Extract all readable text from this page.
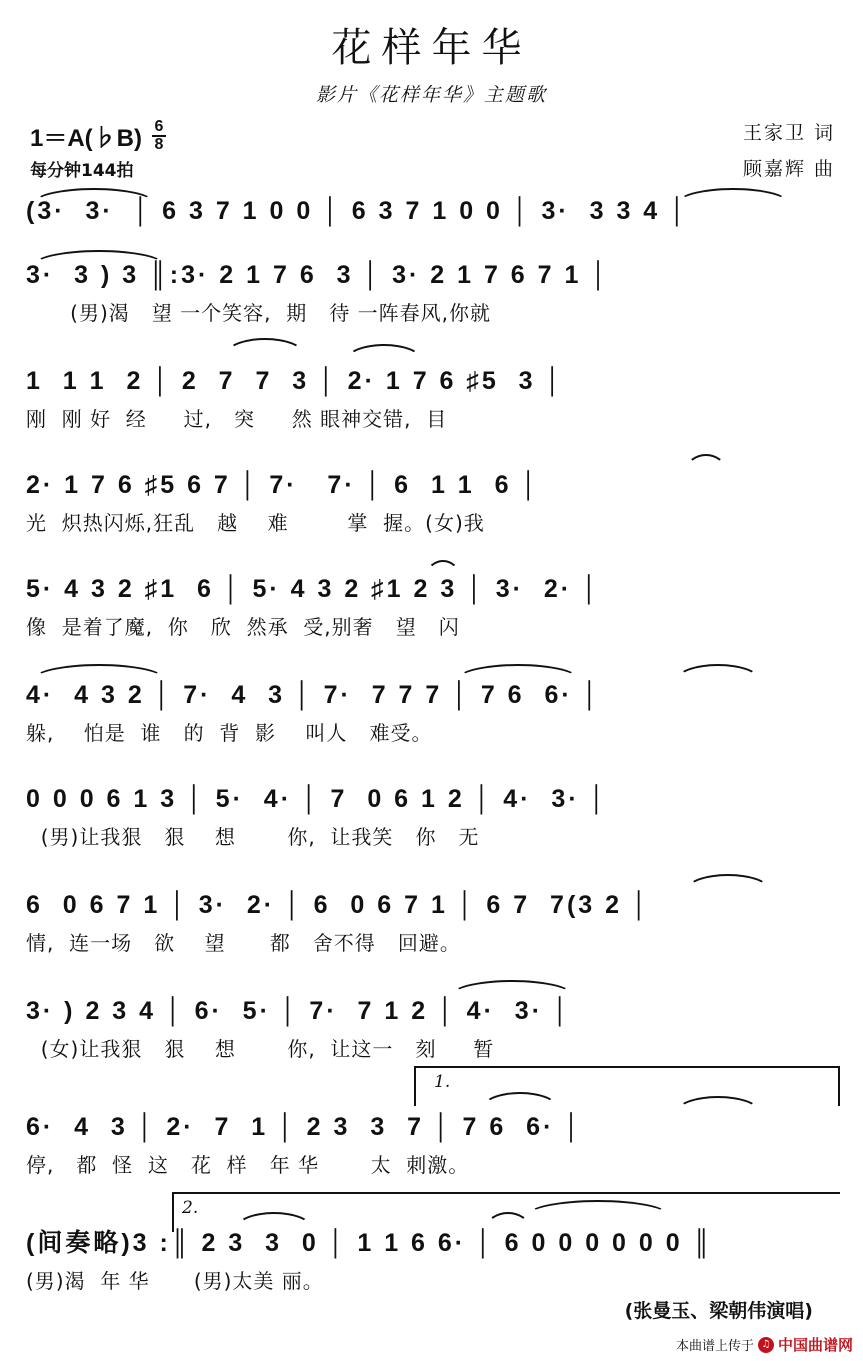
花样年华
影片《花样年华》主题歌
1＝A(♭B) 6
8
每分钟144拍
王家卫 词
顾嘉辉 曲
(3·  3·  │ 6 3 7 1 0 0 │ 6 3 7 1 0 0 │ 3·  3 3 4 │
3·  3 ) 3 ║:3· 2 1 7 6  3 │ 3· 2 1 7 6 7 1 │
(男)渴   望 一个笑容,  期   待 一阵春风,你就
1  1 1  2 │ 2  7  7  3 │ 2· 1 7 6 ♯5  3 │
刚  刚 好  经     过,   突     然 眼神交错,  目
2· 1 7 6 ♯5 6 7 │ 7·   7· │ 6  1 1  6 │
光  炽热闪烁,狂乱   越    难        掌  握。(女)我
5· 4 3 2 ♯1  6 │ 5· 4 3 2 ♯1 2 3 │ 3·  2· │
像  是着了魔,  你   欣  然承  受,别奢   望   闪
4·  4 3 2 │ 7·  4  3 │ 7·  7 7 7 │ 7 6  6· │
躲,    怕是  谁   的  背  影    叫人   难受。
0 0 0 6 1 3 │ 5·  4· │ 7  0 6 1 2 │ 4·  3· │
(男)让我狠   狠    想       你,  让我笑   你   无
6  0 6 7 1 │ 3·  2· │ 6  0 6 7 1 │ 6 7  7(3 2 │
情,  连一场   欲    望      都   舍不得   回避。
3· ) 2 3 4 │ 6·  5· │ 7·  7 1 2 │ 4·  3· │
(女)让我狠   狠    想       你,  让这一   刻     暂
1.
6·  4  3 │ 2·  7  1 │ 2 3  3  7 │ 7 6  6· │
停,   都  怪  这   花  样   年 华       太  刺激。
2.
(间奏略)3 :║ 2 3  3  0 │ 1 1 6 6· │ 6 0 0 0 0 0 0 ║
(男)渴  年 华      (男)太美 丽。
(张曼玉、梁朝伟演唱)
本曲谱上传于 ♫ 中国曲谱网
